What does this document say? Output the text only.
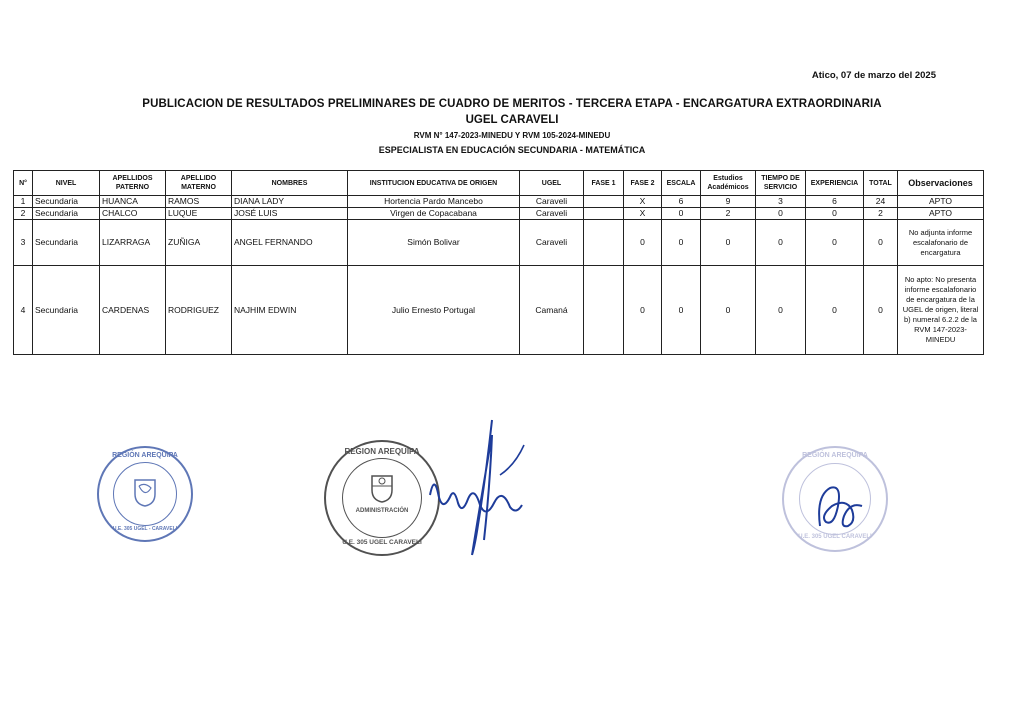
Atico, 07 de marzo del 2025
PUBLICACION DE RESULTADOS PRELIMINARES DE CUADRO DE MERITOS - TERCERA ETAPA - ENCARGATURA EXTRAORDINARIA
UGEL CARAVELI
RVM N° 147-2023-MINEDU Y RVM 105-2024-MINEDU
ESPECIALISTA EN EDUCACIÓN SECUNDARIA - MATEMÁTICA
N°	NIVEL	APELLIDOS PATERNO	APELLIDO MATERNO	NOMBRES	INSTITUCION EDUCATIVA DE ORIGEN	UGEL	FASE 1	FASE 2	ESCALA	Estudios Académicos	TIEMPO DE SERVICIO	EXPERIENCIA	TOTAL	Observaciones
1	Secundaria	HUANCA	RAMOS	DIANA LADY	Hortencia Pardo Mancebo	Caraveli		X	6	9	3	6	24	APTO
2	Secundaria	CHALCO	LUQUE	JOSÉ LUIS	Virgen de Copacabana	Caraveli		X	0	2	0	0	2	APTO
3	Secundaria	LIZARRAGA	ZUÑIGA	ANGEL FERNANDO	Simón Bolivar	Caraveli		0	0	0	0	0	0	No adjunta informe escalafonario de encargatura
4	Secundaria	CARDENAS	RODRIGUEZ	NAJHIM EDWIN	Julio Ernesto Portugal	Camaná		0	0	0	0	0	0	No apto: No presenta informe escalafonario de encargatura de la UGEL de origen, literal b) numeral 6.2.2 de la RVM 147-2023-MINEDU
REGIÓN AREQUIPA
U.E. 305 UGEL - CARAVELI
REGION AREQUIPA
ADMINISTRACIÓN
U.E. 305 UGEL CARAVELI
REGIÓN AREQUIPA
U.E. 305 UGEL CARAVELI
